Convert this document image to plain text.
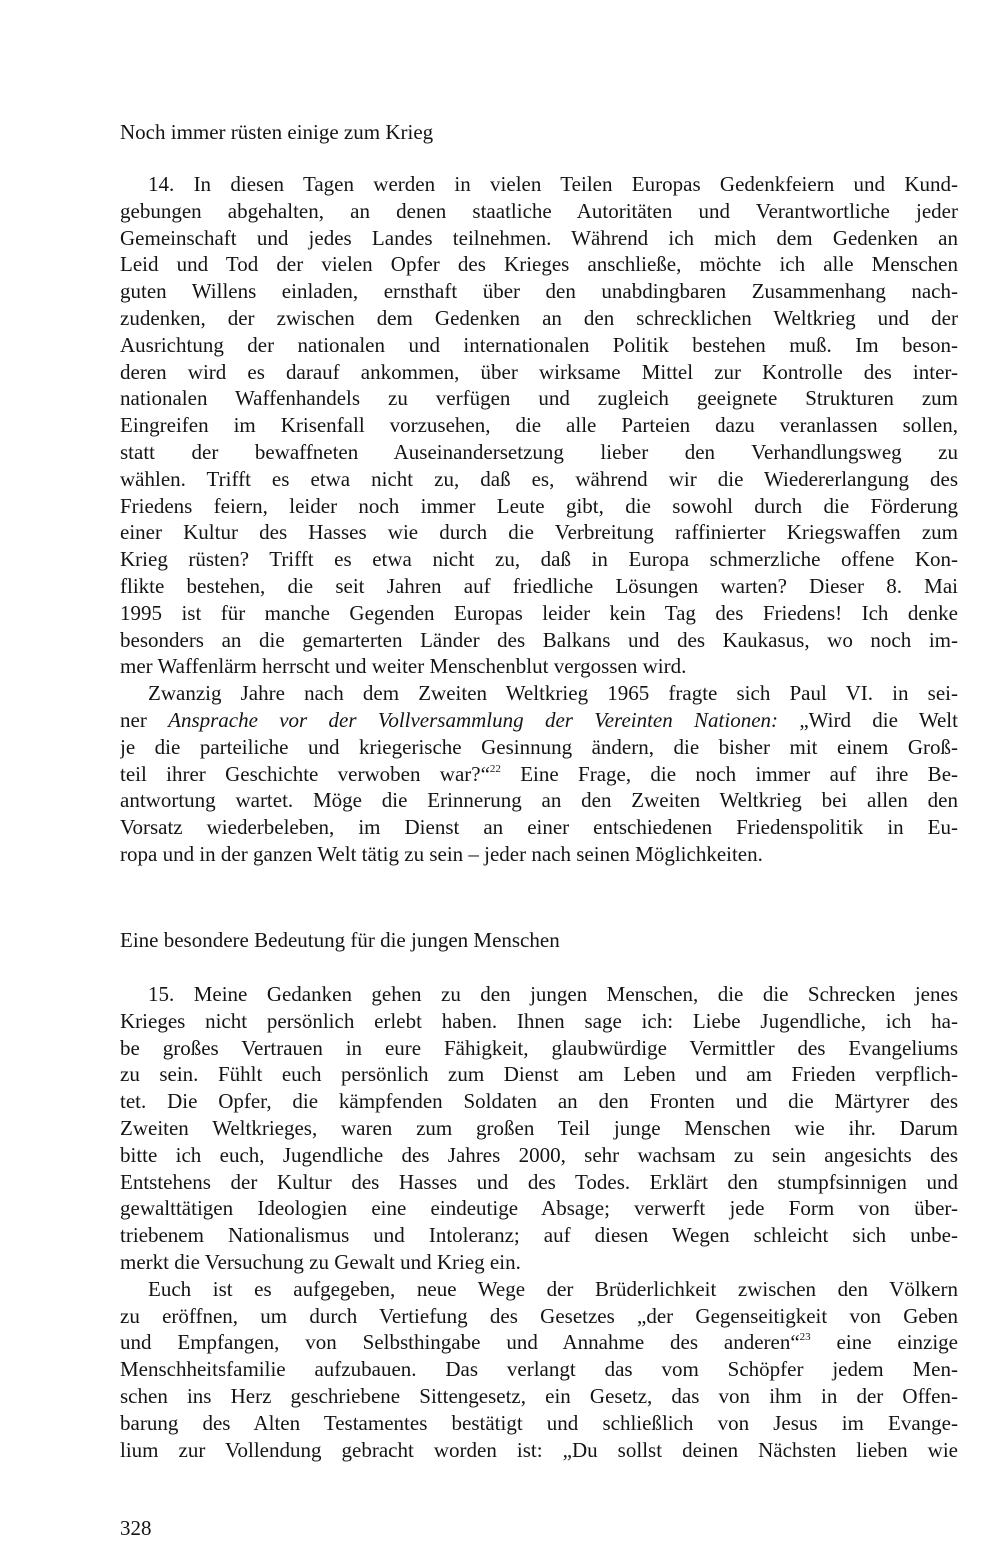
Noch immer rüsten einige zum Krieg
14. In diesen Tagen werden in vielen Teilen Europas Gedenkfeiern und Kund-
gebungen abgehalten, an denen staatliche Autoritäten und Verantwortliche jeder
Gemeinschaft und jedes Landes teilnehmen. Während ich mich dem Gedenken an
Leid und Tod der vielen Opfer des Krieges anschließe, möchte ich alle Menschen
guten Willens einladen, ernsthaft über den unabdingbaren Zusammenhang nach-
zudenken, der zwischen dem Gedenken an den schrecklichen Weltkrieg und der
Ausrichtung der nationalen und internationalen Politik bestehen muß. Im beson-
deren wird es darauf ankommen, über wirksame Mittel zur Kontrolle des inter-
nationalen Waffenhandels zu verfügen und zugleich geeignete Strukturen zum
Eingreifen im Krisenfall vorzusehen, die alle Parteien dazu veranlassen sollen,
statt der bewaffneten Auseinandersetzung lieber den Verhandlungsweg zu
wählen. Trifft es etwa nicht zu, daß es, während wir die Wiedererlangung des
Friedens feiern, leider noch immer Leute gibt, die sowohl durch die Förderung
einer Kultur des Hasses wie durch die Verbreitung raffinierter Kriegswaffen zum
Krieg rüsten? Trifft es etwa nicht zu, daß in Europa schmerzliche offene Kon-
flikte bestehen, die seit Jahren auf friedliche Lösungen warten? Dieser 8. Mai
1995 ist für manche Gegenden Europas leider kein Tag des Friedens! Ich denke
besonders an die gemarterten Länder des Balkans und des Kaukasus, wo noch im-
mer Waffenlärm herrscht und weiter Menschenblut vergossen wird.
Zwanzig Jahre nach dem Zweiten Weltkrieg 1965 fragte sich Paul VI. in sei-
ner Ansprache vor der Vollversammlung der Vereinten Nationen: „Wird die Welt
je die parteiliche und kriegerische Gesinnung ändern, die bisher mit einem Groß-
teil ihrer Geschichte verwoben war?“$^{22}$ Eine Frage, die noch immer auf ihre Be-
antwortung wartet. Möge die Erinnerung an den Zweiten Weltkrieg bei allen den
Vorsatz wiederbeleben, im Dienst an einer entschiedenen Friedenspolitik in Eu-
ropa und in der ganzen Welt tätig zu sein – jeder nach seinen Möglichkeiten.
Eine besondere Bedeutung für die jungen Menschen
15. Meine Gedanken gehen zu den jungen Menschen, die die Schrecken jenes
Krieges nicht persönlich erlebt haben. Ihnen sage ich: Liebe Jugendliche, ich ha-
be großes Vertrauen in eure Fähigkeit, glaubwürdige Vermittler des Evangeliums
zu sein. Fühlt euch persönlich zum Dienst am Leben und am Frieden verpflich-
tet. Die Opfer, die kämpfenden Soldaten an den Fronten und die Märtyrer des
Zweiten Weltkrieges, waren zum großen Teil junge Menschen wie ihr. Darum
bitte ich euch, Jugendliche des Jahres 2000, sehr wachsam zu sein angesichts des
Entstehens der Kultur des Hasses und des Todes. Erklärt den stumpfsinnigen und
gewalttätigen Ideologien eine eindeutige Absage; verwerft jede Form von über-
triebenem Nationalismus und Intoleranz; auf diesen Wegen schleicht sich unbe-
merkt die Versuchung zu Gewalt und Krieg ein.
Euch ist es aufgegeben, neue Wege der Brüderlichkeit zwischen den Völkern
zu eröffnen, um durch Vertiefung des Gesetzes „der Gegenseitigkeit von Geben
und Empfangen, von Selbsthingabe und Annahme des anderen“$^{23}$ eine einzige
Menschheitsfamilie aufzubauen. Das verlangt das vom Schöpfer jedem Men-
schen ins Herz geschriebene Sittengesetz, ein Gesetz, das von ihm in der Offen-
barung des Alten Testamentes bestätigt und schließlich von Jesus im Evange-
lium zur Vollendung gebracht worden ist: „Du sollst deinen Nächsten lieben wie
328
